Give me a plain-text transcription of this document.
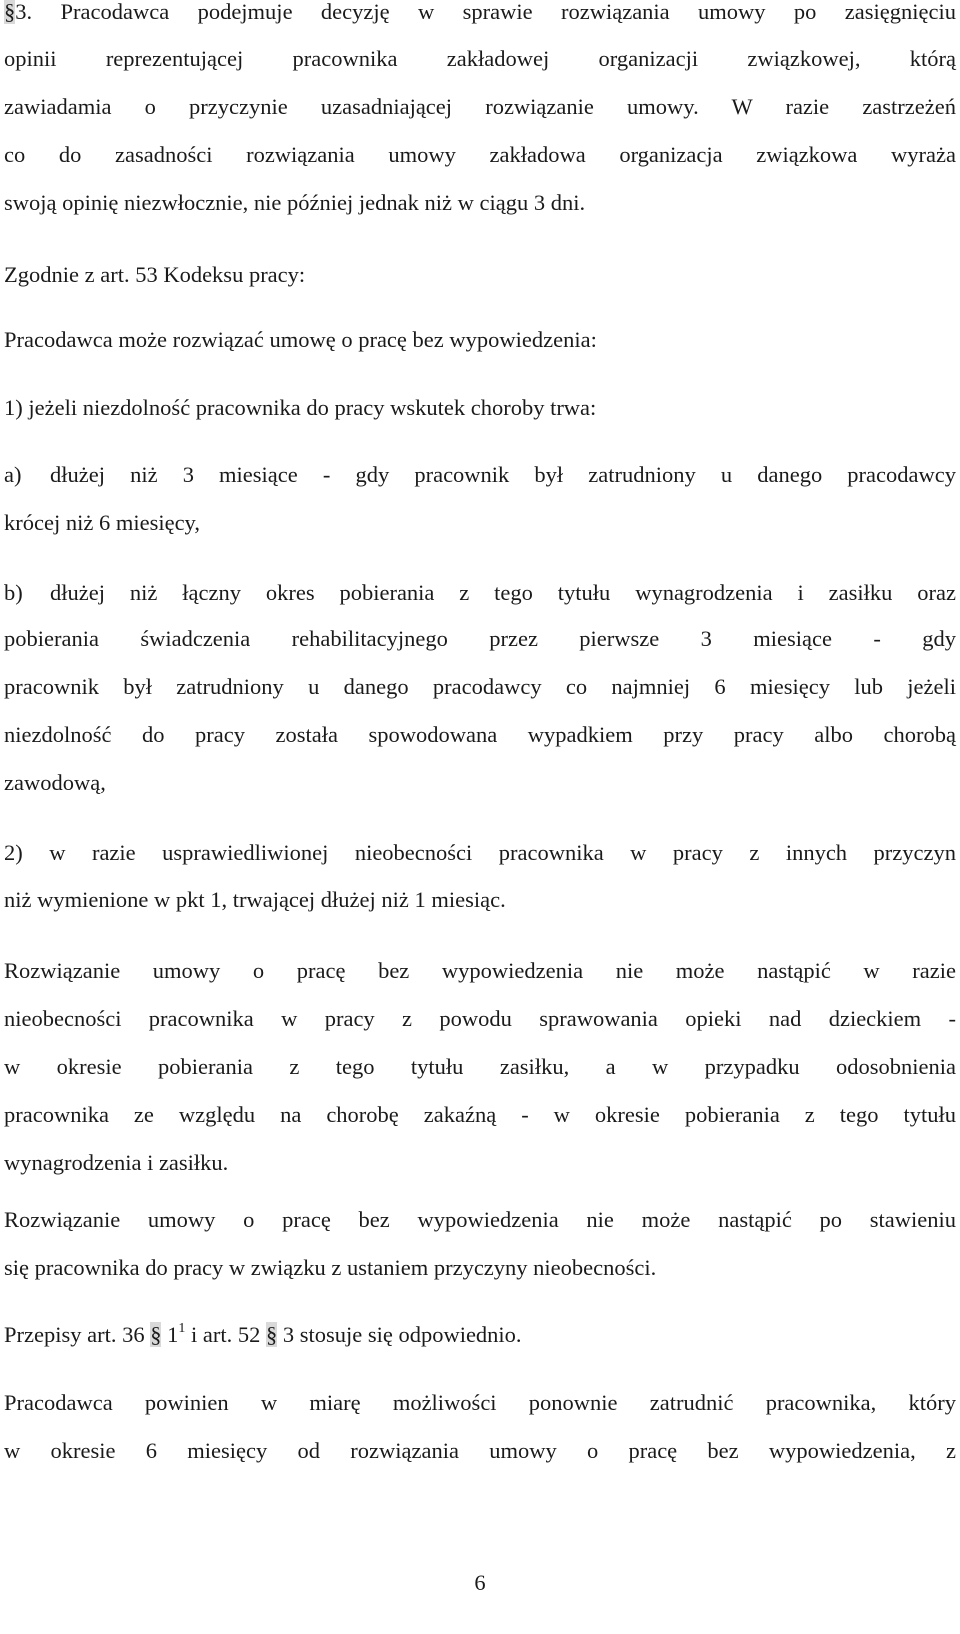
§3. Pracodawca podejmuje decyzję w sprawie rozwiązania umowy po zasięgnięciu
opinii reprezentującej pracownika zakładowej organizacji związkowej, którą
zawiadamia o przyczynie uzasadniającej rozwiązanie umowy. W razie zastrzeżeń
co do zasadności rozwiązania umowy zakładowa organizacja związkowa wyraża
swoją opinię niezwłocznie, nie później jednak niż w ciągu 3 dni.
Zgodnie z art. 53 Kodeksu pracy:
Pracodawca może rozwiązać umowę o pracę bez wypowiedzenia:
1) jeżeli niezdolność pracownika do pracy wskutek choroby trwa:
a) dłużej niż 3 miesiące - gdy pracownik był zatrudniony u danego pracodawcy
krócej niż 6 miesięcy,
b) dłużej niż łączny okres pobierania z tego tytułu wynagrodzenia i zasiłku oraz
pobierania świadczenia rehabilitacyjnego przez pierwsze 3 miesiące - gdy
pracownik był zatrudniony u danego pracodawcy co najmniej 6 miesięcy lub jeżeli
niezdolność do pracy została spowodowana wypadkiem przy pracy albo chorobą
zawodową,
2) w razie usprawiedliwionej nieobecności pracownika w pracy z innych przyczyn
niż wymienione w pkt 1, trwającej dłużej niż 1 miesiąc.
Rozwiązanie umowy o pracę bez wypowiedzenia nie może nastąpić w razie
nieobecności pracownika w pracy z powodu sprawowania opieki nad dzieckiem -
w okresie pobierania z tego tytułu zasiłku, a w przypadku odosobnienia
pracownika ze względu na chorobę zakaźną - w okresie pobierania z tego tytułu
wynagrodzenia i zasiłku.
Rozwiązanie umowy o pracę bez wypowiedzenia nie może nastąpić po stawieniu
się pracownika do pracy w związku z ustaniem przyczyny nieobecności.
Przepisy art. 36 § $1^1$ i art. 52 § 3 stosuje się odpowiednio.
Pracodawca powinien w miarę możliwości ponownie zatrudnić pracownika, który
w okresie 6 miesięcy od rozwiązania umowy o pracę bez wypowiedzenia, z
6
